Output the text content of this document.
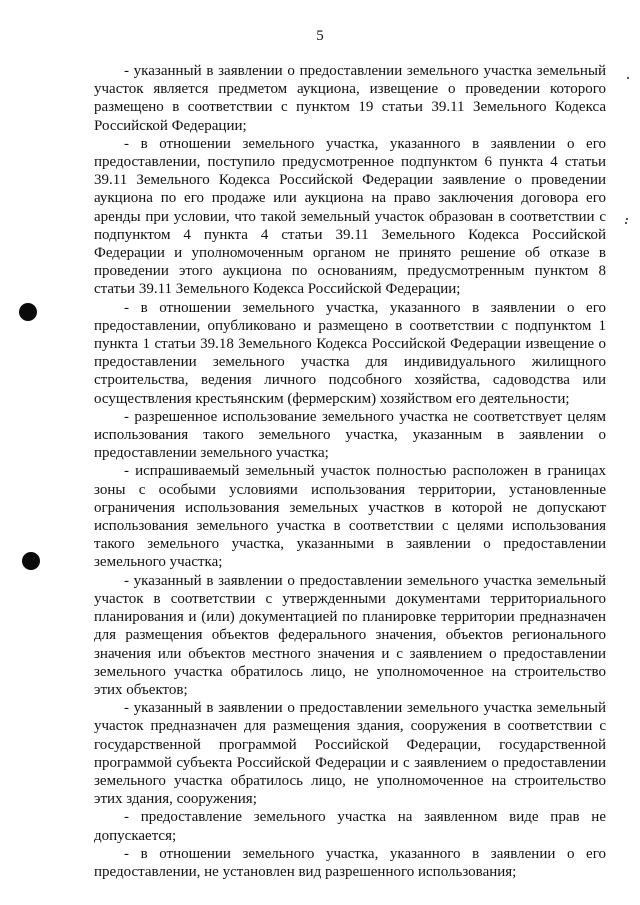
5

- указанный в заявлении о предоставлении земельного участка земельный участок является предметом аукциона, извещение о проведении которого размещено в соответствии с пунктом 19 статьи 39.11 Земельного Кодекса Российской Федерации;

- в отношении земельного участка, указанного в заявлении о его предоставлении, поступило предусмотренное подпунктом 6 пункта 4 статьи 39.11 Земельного Кодекса Российской Федерации заявление о проведении аукциона по его продаже или аукциона на право заключения договора его аренды при условии, что такой земельный участок образован в соответствии с подпунктом 4 пункта 4 статьи 39.11 Земельного Кодекса Российской Федерации и уполномоченным органом не принято решение об отказе в проведении этого аукциона по основаниям, предусмотренным пунктом 8 статьи 39.11 Земельного Кодекса Российской Федерации;

- в отношении земельного участка, указанного в заявлении о его предоставлении, опубликовано и размещено в соответствии с подпунктом 1 пункта 1 статьи 39.18 Земельного Кодекса Российской Федерации извещение о предоставлении земельного участка для индивидуального жилищного строительства, ведения личного подсобного хозяйства, садоводства или осуществления крестьянским (фермерским) хозяйством его деятельности;

- разрешенное использование земельного участка не соответствует целям использования такого земельного участка, указанным в заявлении о предоставлении земельного участка;

- испрашиваемый земельный участок полностью расположен в границах зоны с особыми условиями использования территории, установленные ограничения использования земельных участков в которой не допускают использования земельного участка в соответствии с целями использования такого земельного участка, указанными в заявлении о предоставлении земельного участка;

- указанный в заявлении о предоставлении земельного участка земельный участок в соответствии с утвержденными документами территориального планирования и (или) документацией по планировке территории предназначен для размещения объектов федерального значения, объектов регионального значения или объектов местного значения и с заявлением о предоставлении земельного участка обратилось лицо, не уполномоченное на строительство этих объектов;

- указанный в заявлении о предоставлении земельного участка земельный участок предназначен для размещения здания, сооружения в соответствии с государственной программой Российской Федерации, государственной программой субъекта Российской Федерации и с заявлением о предоставлении земельного участка обратилось лицо, не уполномоченное на строительство этих здания, сооружения;

- предоставление земельного участка на заявленном виде прав не допускается;

- в отношении земельного участка, указанного в заявлении о его предоставлении, не установлен вид разрешенного использования;
